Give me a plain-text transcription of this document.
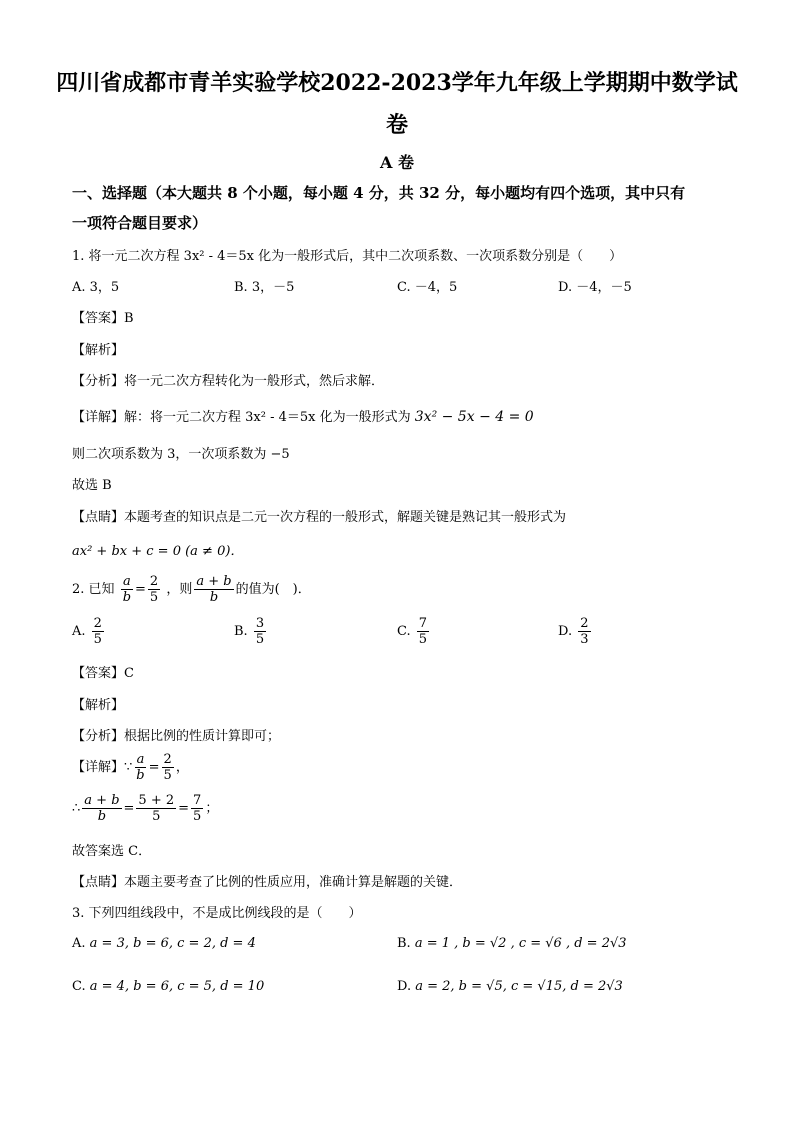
四川省成都市青羊实验学校2022-2023学年九年级上学期期中数学试
卷
A 卷
一、选择题（本大题共 8 个小题，每小题 4 分，共 32 分，每小题均有四个选项，其中只有
一项符合题目要求）
1. 将一元二次方程 3x² - 4＝5x 化为一般形式后，其中二次项系数、一次项系数分别是（　　）
A. 3，5	B. 3，－5	C. －4，5	D. －4，－5
【答案】B
【解析】
【分析】将一元二次方程转化为一般形式，然后求解．
【详解】解：将一元二次方程 3x² - 4＝5x 化为一般形式为 3x² − 5x − 4 = 0
则二次项系数为 3，一次项系数为 −5
故选 B
【点睛】本题考查的知识点是二元一次方程的一般形式，解题关键是熟记其一般形式为
ax² + bx + c = 0 (a ≠ 0)．
2. 已知 $\frac{a}{b} = \frac{2}{5}$ ，则 $\frac{a + b}{b}$ 的值为(　)．
A. $\frac{2}{5}$	B. $\frac{3}{5}$	C. $\frac{7}{5}$	D. $\frac{2}{3}$
【答案】C
【解析】
【分析】根据比例的性质计算即可；
【详解】∵ $\frac{a}{b} = \frac{2}{5}$ ，
∴ $\frac{a + b}{b} = \frac{5 + 2}{5} = \frac{7}{5}$ ；
故答案选 C．
【点睛】本题主要考查了比例的性质应用，准确计算是解题的关键．
3. 下列四组线段中，不是成比例线段的是（　　）
A. a = 3, b = 6, c = 2, d = 4	B. a = 1 , b = √2 , c = √6 , d = 2√3
C. a = 4, b = 6, c = 5, d = 10	D. a = 2, b = √5, c = √15, d = 2√3
